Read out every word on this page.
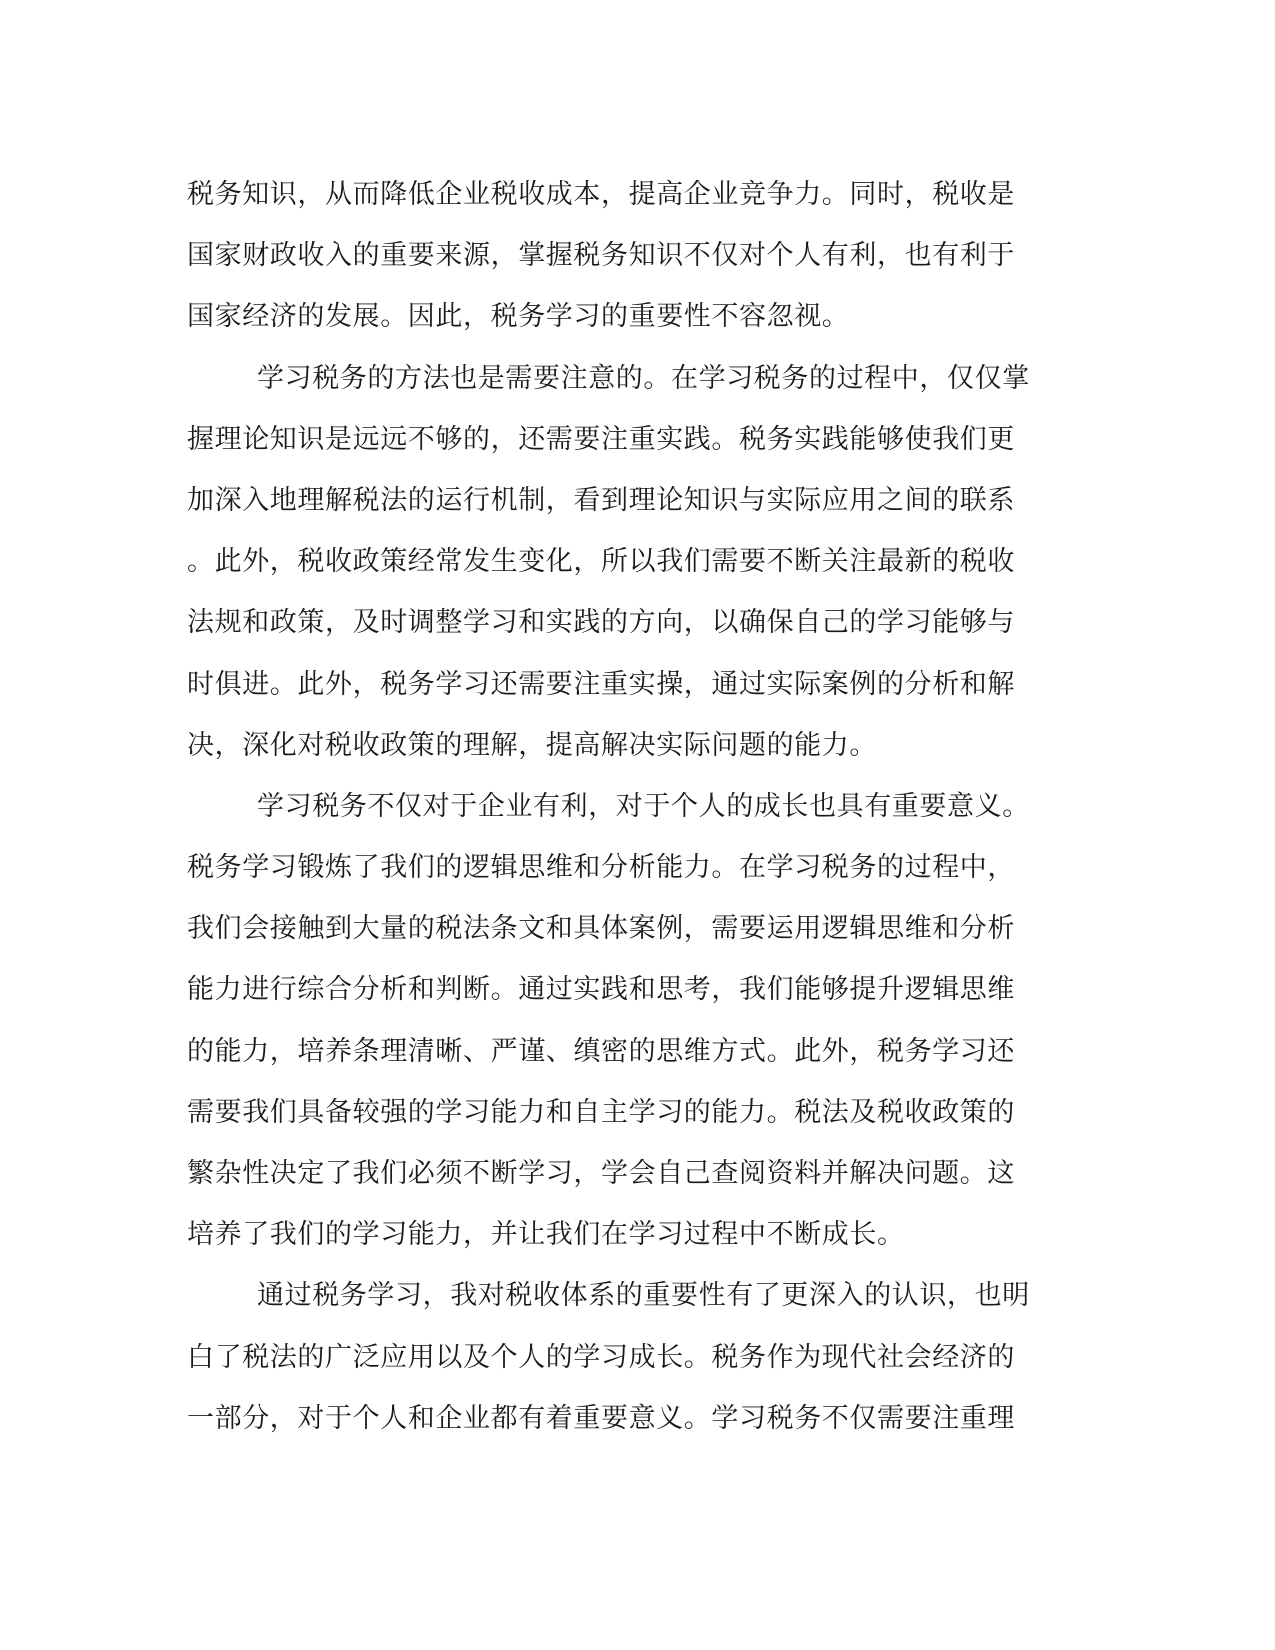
税务知识，从而降低企业税收成本，提高企业竞争力。同时，税收是
国家财政收入的重要来源，掌握税务知识不仅对个人有利，也有利于
国家经济的发展。因此，税务学习的重要性不容忽视。
学习税务的方法也是需要注意的。在学习税务的过程中，仅仅掌
握理论知识是远远不够的，还需要注重实践。税务实践能够使我们更
加深入地理解税法的运行机制，看到理论知识与实际应用之间的联系
。此外，税收政策经常发生变化，所以我们需要不断关注最新的税收
法规和政策，及时调整学习和实践的方向，以确保自己的学习能够与
时俱进。此外，税务学习还需要注重实操，通过实际案例的分析和解
决，深化对税收政策的理解，提高解决实际问题的能力。
学习税务不仅对于企业有利，对于个人的成长也具有重要意义。
税务学习锻炼了我们的逻辑思维和分析能力。在学习税务的过程中，
我们会接触到大量的税法条文和具体案例，需要运用逻辑思维和分析
能力进行综合分析和判断。通过实践和思考，我们能够提升逻辑思维
的能力，培养条理清晰、严谨、缜密的思维方式。此外，税务学习还
需要我们具备较强的学习能力和自主学习的能力。税法及税收政策的
繁杂性决定了我们必须不断学习，学会自己查阅资料并解决问题。这
培养了我们的学习能力，并让我们在学习过程中不断成长。
通过税务学习，我对税收体系的重要性有了更深入的认识，也明
白了税法的广泛应用以及个人的学习成长。税务作为现代社会经济的
一部分，对于个人和企业都有着重要意义。学习税务不仅需要注重理
